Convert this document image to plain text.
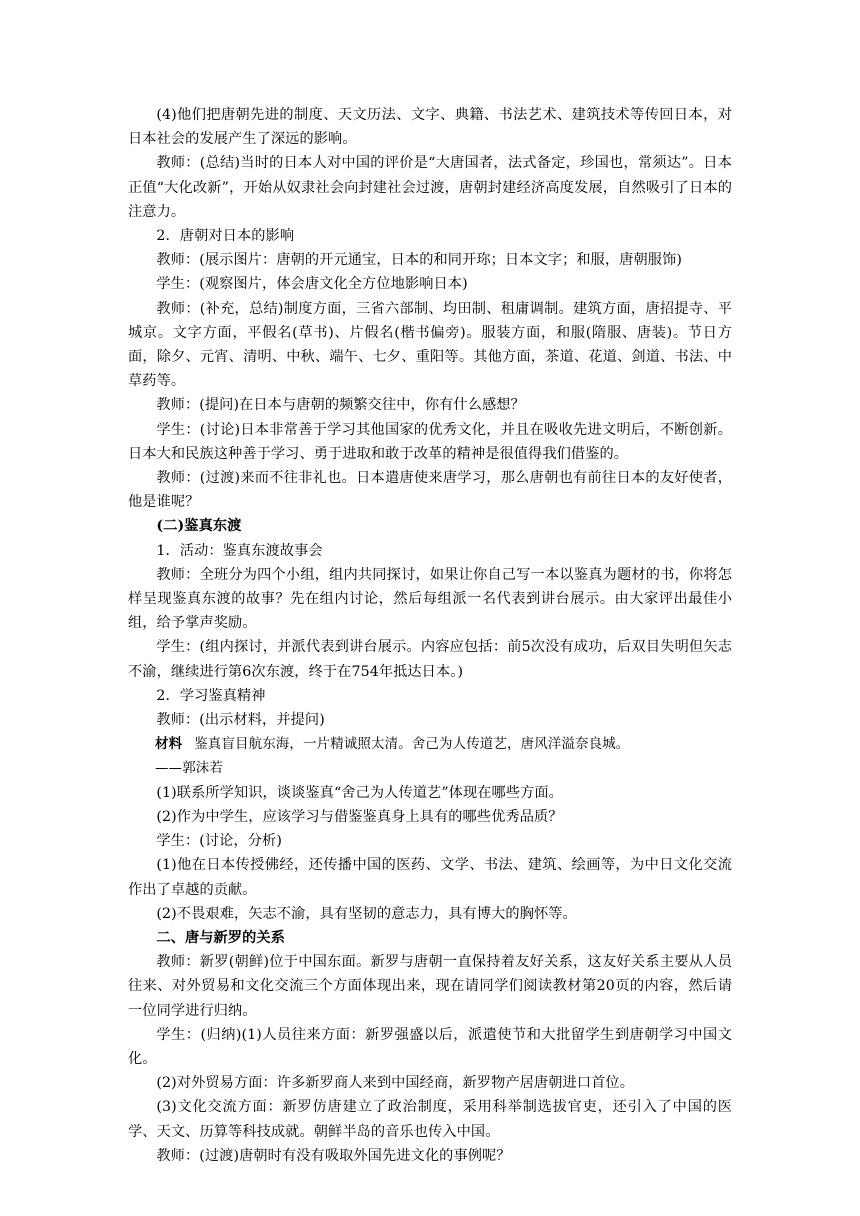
(4)他们把唐朝先进的制度、天文历法、文字、典籍、书法艺术、建筑技术等传回日本，对日本社会的发展产生了深远的影响。

教师：(总结)当时的日本人对中国的评价是“大唐国者，法式备定，珍国也，常须达”。日本正值“大化改新”，开始从奴隶社会向封建社会过渡，唐朝封建经济高度发展，自然吸引了日本的注意力。

2．唐朝对日本的影响

教师：(展示图片：唐朝的开元通宝，日本的和同开珎；日本文字；和服，唐朝服饰)

学生：(观察图片，体会唐文化全方位地影响日本)

教师：(补充，总结)制度方面，三省六部制、均田制、租庸调制。建筑方面，唐招提寺、平城京。文字方面，平假名(草书)、片假名(楷书偏旁)。服装方面，和服(隋服、唐装)。节日方面，除夕、元宵、清明、中秋、端午、七夕、重阳等。其他方面，茶道、花道、剑道、书法、中草药等。

教师：(提问)在日本与唐朝的频繁交往中，你有什么感想？

学生：(讨论)日本非常善于学习其他国家的优秀文化，并且在吸收先进文明后，不断创新。日本大和民族这种善于学习、勇于进取和敢于改革的精神是很值得我们借鉴的。

教师：(过渡)来而不往非礼也。日本遣唐使来唐学习，那么唐朝也有前往日本的友好使者，他是谁呢？

(二)鉴真东渡

1．活动：鉴真东渡故事会

教师：全班分为四个小组，组内共同探讨，如果让你自己写一本以鉴真为题材的书，你将怎样呈现鉴真东渡的故事？先在组内讨论，然后每组派一名代表到讲台展示。由大家评出最佳小组，给予掌声奖励。

学生：(组内探讨，并派代表到讲台展示。内容应包括：前5次没有成功，后双目失明但矢志不渝，继续进行第6次东渡，终于在754年抵达日本。)

2．学习鉴真精神

教师：(出示材料，并提问)

材料 鉴真盲目航东海，一片精诚照太清。舍己为人传道艺，唐风洋溢奈良城。

——郭沫若

(1)联系所学知识，谈谈鉴真“舍己为人传道艺”体现在哪些方面。

(2)作为中学生，应该学习与借鉴鉴真身上具有的哪些优秀品质？

学生：(讨论，分析)

(1)他在日本传授佛经，还传播中国的医药、文学、书法、建筑、绘画等，为中日文化交流作出了卓越的贡献。

(2)不畏艰难，矢志不渝，具有坚韧的意志力，具有博大的胸怀等。

二、唐与新罗的关系

教师：新罗(朝鲜)位于中国东面。新罗与唐朝一直保持着友好关系，这友好关系主要从人员往来、对外贸易和文化交流三个方面体现出来，现在请同学们阅读教材第20页的内容，然后请一位同学进行归纳。

学生：(归纳)(1)人员往来方面：新罗强盛以后，派遣使节和大批留学生到唐朝学习中国文化。

(2)对外贸易方面：许多新罗商人来到中国经商，新罗物产居唐朝进口首位。

(3)文化交流方面：新罗仿唐建立了政治制度，采用科举制选拔官吏，还引入了中国的医学、天文、历算等科技成就。朝鲜半岛的音乐也传入中国。

教师：(过渡)唐朝时有没有吸取外国先进文化的事例呢？
